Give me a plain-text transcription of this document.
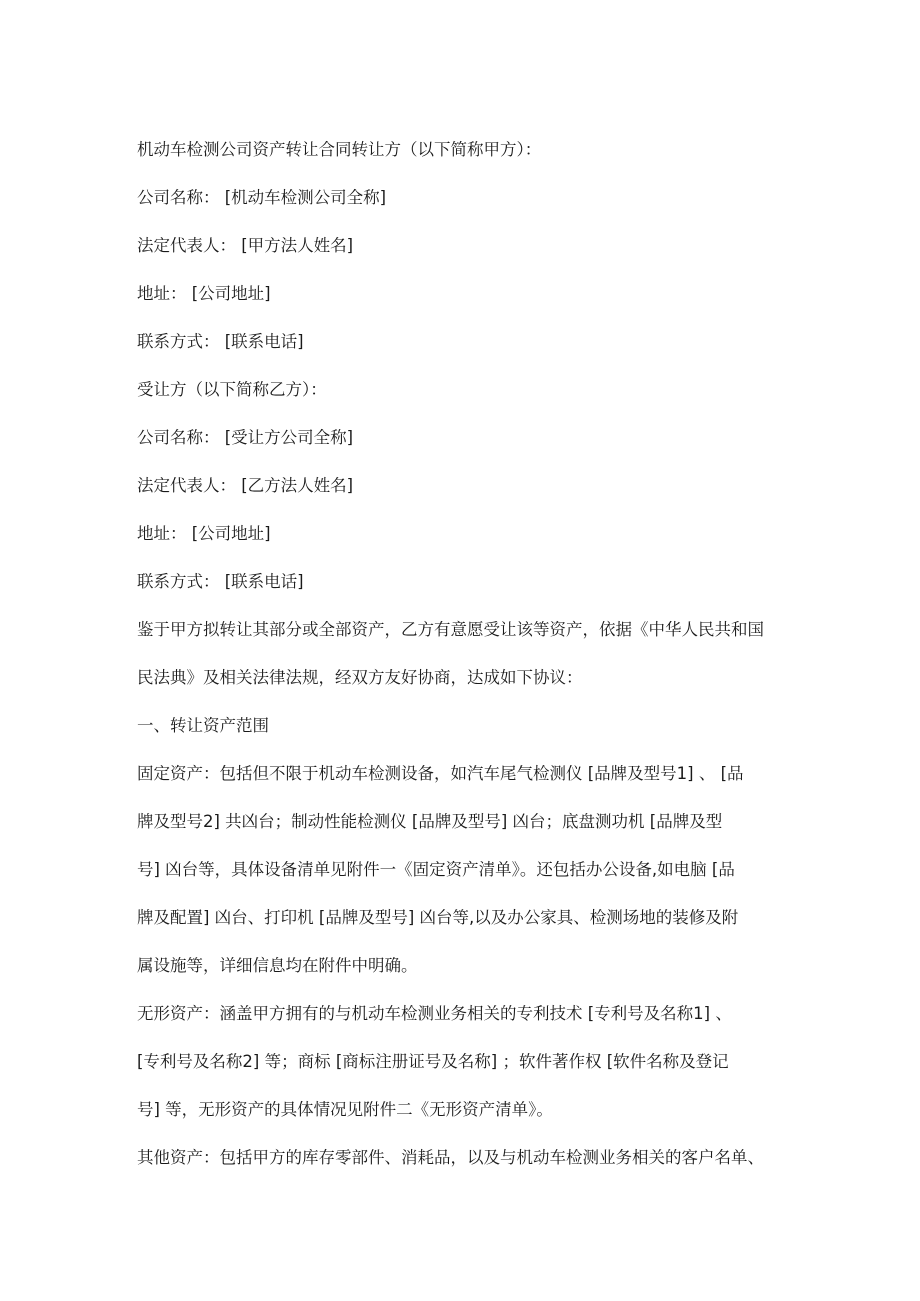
机动车检测公司资产转让合同转让方（以下简称甲方）：
公司名称： [机动车检测公司全称]
法定代表人： [甲方法人姓名]
地址： [公司地址]
联系方式： [联系电话]
受让方（以下简称乙方）：
公司名称： [受让方公司全称]
法定代表人： [乙方法人姓名]
地址： [公司地址]
联系方式： [联系电话]
鉴于甲方拟转让其部分或全部资产，乙方有意愿受让该等资产，依据《中华人民共和国
民法典》及相关法律法规，经双方友好协商，达成如下协议：
一、转让资产范围
固定资产：包括但不限于机动车检测设备，如汽车尾气检测仪 [品牌及型号1] 、 [品
牌及型号2] 共凶台；制动性能检测仪 [品牌及型号] 凶台；底盘测功机 [品牌及型
号] 凶台等，具体设备清单见附件一《固定资产清单》。还包括办公设备,如电脑 [品
牌及配置] 凶台、打印机 [品牌及型号] 凶台等,以及办公家具、检测场地的装修及附
属设施等，详细信息均在附件中明确。
无形资产：涵盖甲方拥有的与机动车检测业务相关的专利技术 [专利号及名称1] 、
[专利号及名称2] 等；商标 [商标注册证号及名称] ；软件著作权 [软件名称及登记
号] 等，无形资产的具体情况见附件二《无形资产清单》。
其他资产：包括甲方的库存零部件、消耗品，以及与机动车检测业务相关的客户名单、
